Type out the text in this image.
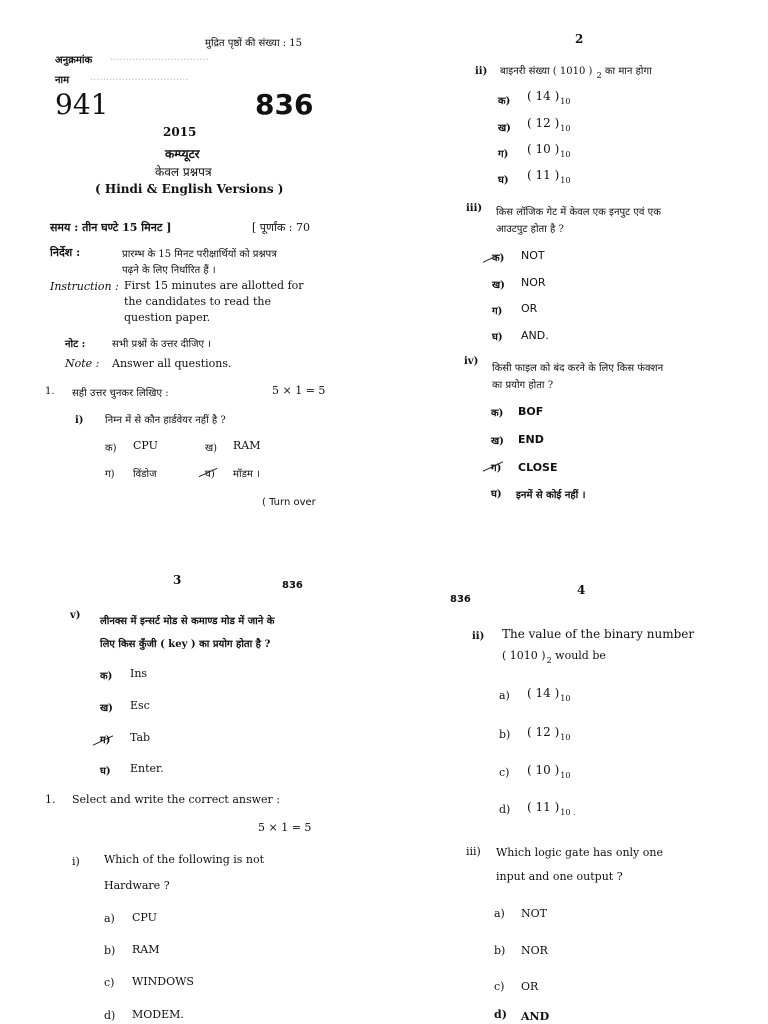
मुद्रित पृष्ठों की संख्या : 15
अनुक्रमांक ...............................
नाम ...............................
941	836
2015
कम्प्यूटर
केवल प्रश्नपत्र
( Hindi & English Versions )
समय : तीन घण्टे 15 मिनट ]	[ पूर्णांक : 70
निर्देश :	प्रारम्भ के 15 मिनट परीक्षार्थियों को प्रश्नपत्र
पढ़ने के लिए निर्धारित हैं ।
Instruction : First 15 minutes are allotted for
the candidates to read the
question paper.
नोट :	सभी प्रश्नों के उत्तर दीजिए ।
Note : Answer all questions.
1. सही उत्तर चुनकर लिखिए :	5 × 1 = 5
i) निम्न में से कौन हार्डवेयर नहीं है ?
क) CPU	ख) RAM
ग) विंडोज	घ) मॉडम ।
( Turn over
2
ii) बाइनरी संख्या ( 1010 ) $_2$ का मान होगा
क) ( 14 )$_{10}$
ख) ( 12 )$_{10}$
ग) ( 10 )$_{10}$
घ) ( 11 )$_{10}$
iii) किस लॉजिक गेट में केवल एक इनपुट एवं एक
आउटपुट होता है ?
क) NOT
ख) NOR
ग) OR
घ) AND.
iv)
किसी फाइल को बंद करने के लिए किस फंक्शन
का प्रयोग होता ?
क) BOF
ख) END
ग) CLOSE
घ) इनमें से कोई नहीं ।
3	836
v)
लीनक्स में इन्सर्ट मोड से कमाण्ड मोड में जाने के
लिए किस कुँजी ( key ) का प्रयोग होता है ?
क) Ins
ख) Esc
ग) Tab
घ) Enter.
1. Select and write the correct answer :
5 × 1 = 5
i) Which of the following is not
Hardware ?
a) CPU
b) RAM
c) WINDOWS
d) MODEM.
836
4
ii) The value of the binary number
( 1010 )$_2$ would be
a) ( 14 )$_{10}$
b) ( 12 )$_{10}$
c) ( 10 )$_{10}$
d) ( 11 )$_{10 .}$
iii) Which logic gate has only one
input and one output ?
a) NOT
b) NOR
c) OR
d) AND
